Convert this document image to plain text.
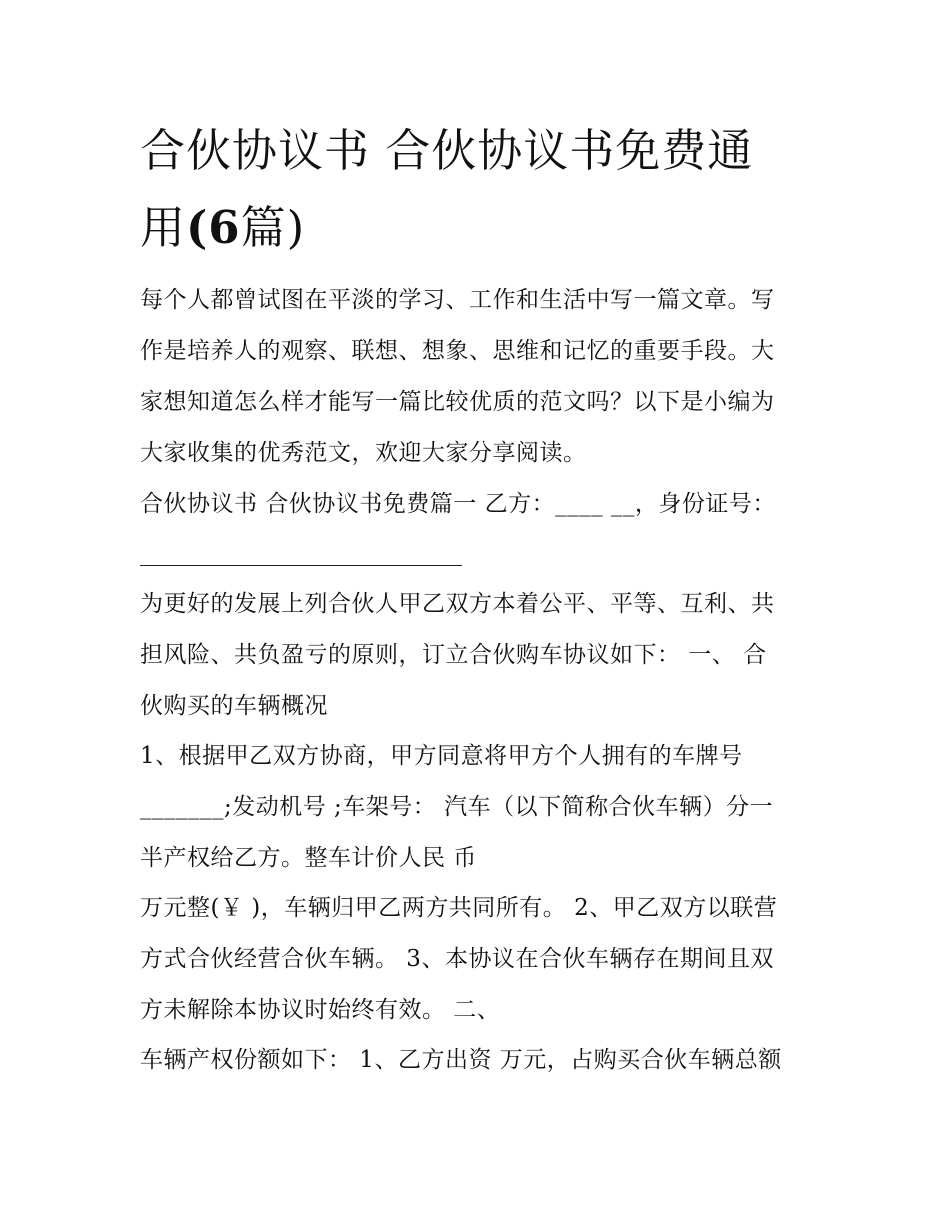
合伙协议书 合伙协议书免费通
用(6篇)

每个人都曾试图在平淡的学习、工作和生活中写一篇文章。写
作是培养人的观察、联想、想象、思维和记忆的重要手段。大
家想知道怎么样才能写一篇比较优质的范文吗？以下是小编为
大家收集的优秀范文，欢迎大家分享阅读。

合伙协议书 合伙协议书免费篇一 乙方：____ __，身份证号：

为更好的发展上列合伙人甲乙双方本着公平、平等、互利、共
担风险、共负盈亏的原则，订立合伙购车协议如下： 一、 合
伙购买的车辆概况

1、根据甲乙双方协商，甲方同意将甲方个人拥有的车牌号
_______;发动机号 ;车架号： 汽车（以下简称合伙车辆）分一
半产权给乙方。整车计价人民 币

万元整(￥ )，车辆归甲乙两方共同所有。 2、甲乙双方以联营
方式合伙经营合伙车辆。 3、本协议在合伙车辆存在期间且双
方未解除本协议时始终有效。 二、

车辆产权份额如下： 1、乙方出资 万元，占购买合伙车辆总额
